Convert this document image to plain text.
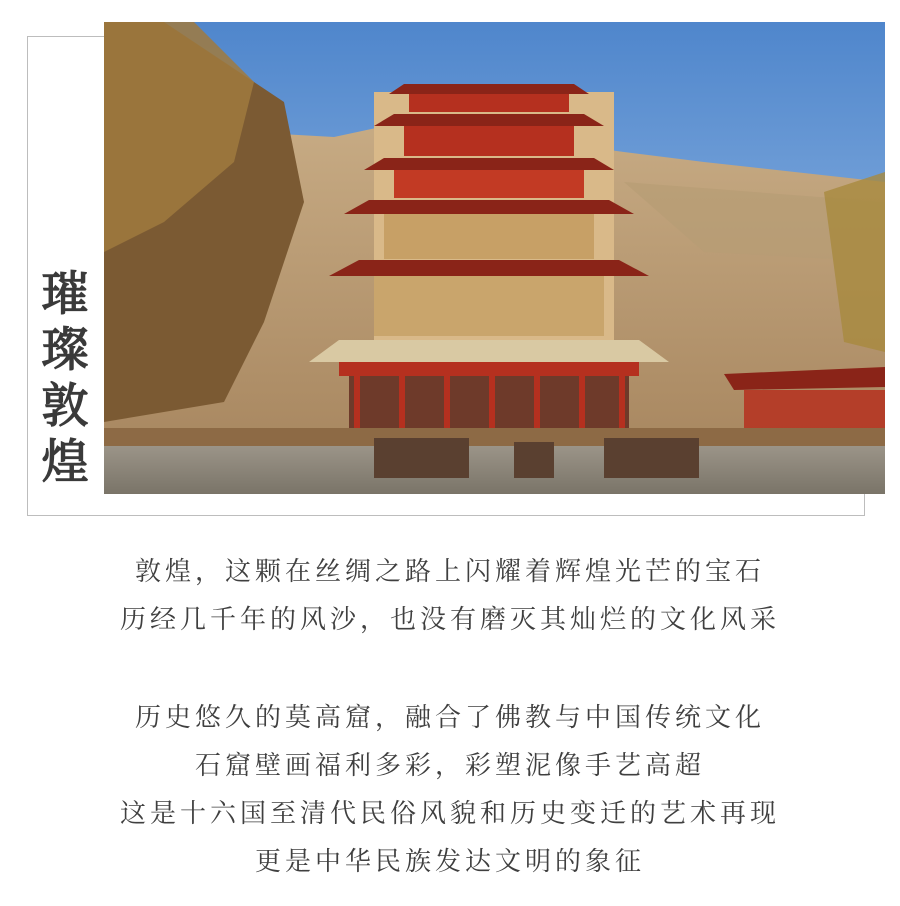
璀
璨
敦
煌
敦煌，这颗在丝绸之路上闪耀着辉煌光芒的宝石
历经几千年的风沙，也没有磨灭其灿烂的文化风采
历史悠久的莫高窟，融合了佛教与中国传统文化
石窟壁画福利多彩，彩塑泥像手艺高超
这是十六国至清代民俗风貌和历史变迁的艺术再现
更是中华民族发达文明的象征
